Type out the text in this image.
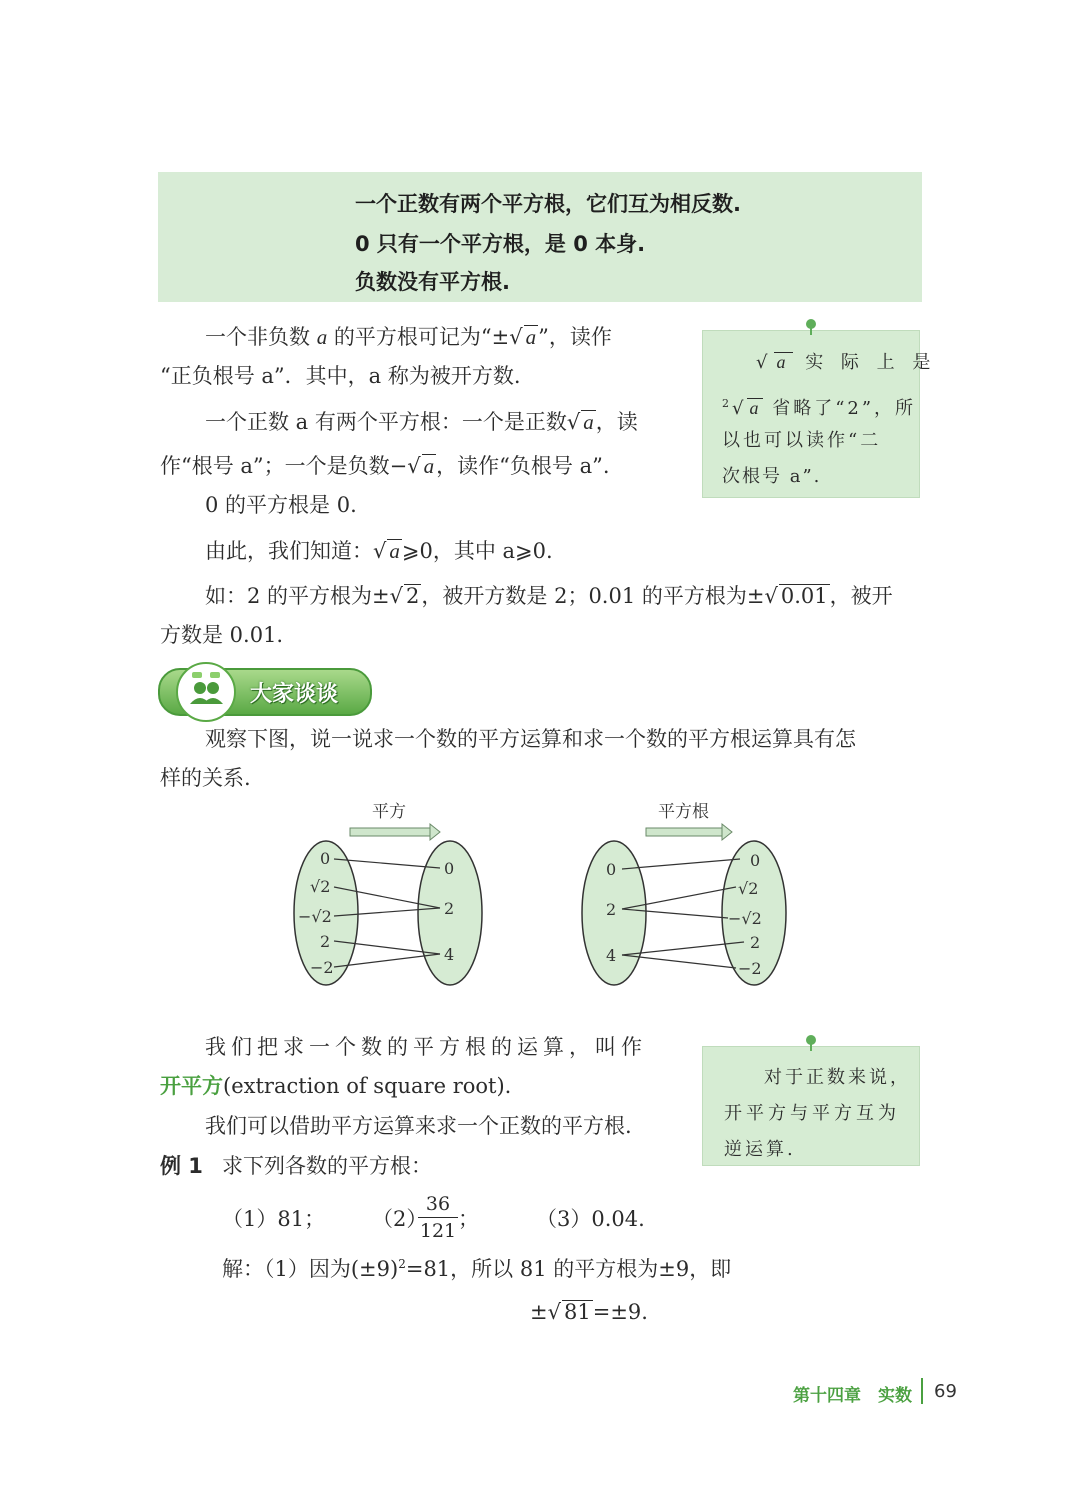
一个正数有两个平方根，它们互为相反数.
0 只有一个平方根，是 0 本身.
负数没有平方根.
一个非负数 a 的平方根可记为“±√ a”，读作
“正负根号 a”．其中，a 称为被开方数.
一个正数 a 有两个平方根：一个是正数√ a，读
作“根号 a”；一个是负数−√ a，读作“负根号 a”.
0 的平方根是 0.
由此，我们知道：√ a⩾0，其中 a⩾0.
如：2 的平方根为±√ 2，被开方数是 2；0.01 的平方根为±√ 0.01，被开
方数是 0.01.
√ a 实 际 上 是
$^2$√ a 省略了“2”，所
以也可以读作“二
次根号 a”.
大家谈谈
观察下图，说一说求一个数的平方运算和求一个数的平方根运算具有怎
样的关系.
平方
0
√2
−√2
2
−2
0
2
4
平方根
0
2
4
0
√2
−√2
2
−2
我们把求一个数的平方根的运算，叫作
开平方(extraction of square root).
我们可以借助平方运算来求一个正数的平方根.
对于正数来说，
开平方与平方互为
逆运算.
例 1 求下列各数的平方根：
（1）81； （2）
36
121 ；	（3）0.04.
解：（1）因为$(\pm 9)^2=81$，所以 81 的平方根为±9，即
±√ 81=±9.
第十四章　实数 69
